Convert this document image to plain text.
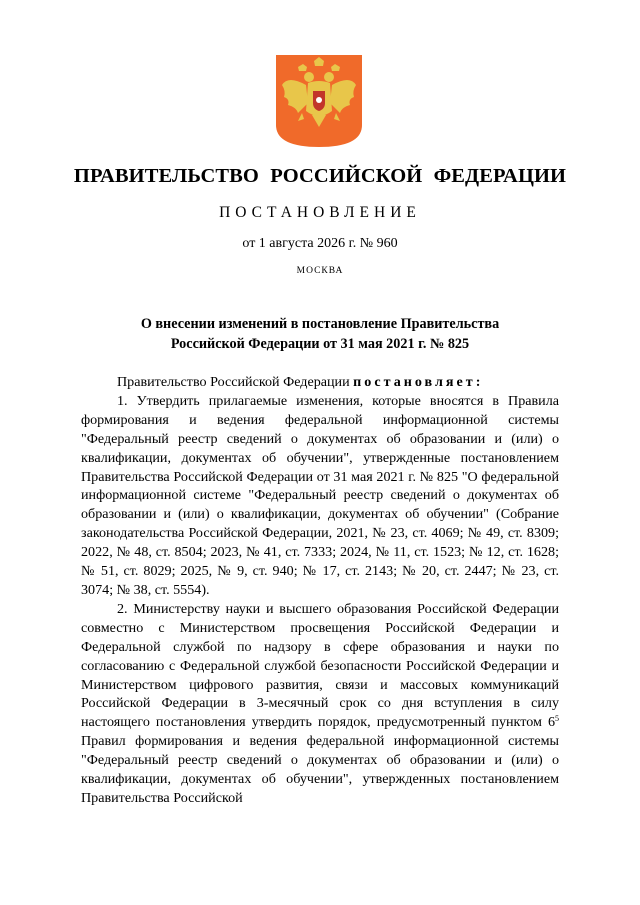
ПРАВИТЕЛЬСТВО РОССИЙСКОЙ ФЕДЕРАЦИИ
ПОСТАНОВЛЕНИЕ
от 1 августа 2026 г. № 960
МОСКВА
О внесении изменений в постановление Правительства
Российской Федерации от 31 мая 2021 г. № 825

Правительство Российской Федерации постановляет:

1. Утвердить прилагаемые изменения, которые вносятся в Правила формирования и ведения федеральной информационной системы "Федеральный реестр сведений о документах об образовании и (или) о квалификации, документах об обучении", утвержденные постановлением Правительства Российской Федерации от 31 мая 2021 г. № 825 "О федеральной информационной системе "Федеральный реестр сведений о документах об образовании и (или) о квалификации, документах об обучении" (Собрание законодательства Российской Федерации, 2021, № 23, ст. 4069; № 49, ст. 8309; 2022, № 48, ст. 8504; 2023, № 41, ст. 7333; 2024, № 11, ст. 1523; № 12, ст. 1628; № 51, ст. 8029; 2025, № 9, ст. 940; № 17, ст. 2143; № 20, ст. 2447; № 23, ст. 3074; № 38, ст. 5554).

2. Министерству науки и высшего образования Российской Федерации совместно с Министерством просвещения Российской Федерации и Федеральной службой по надзору в сфере образования и науки по согласованию с Федеральной службой безопасности Российской Федерации и Министерством цифрового развития, связи и массовых коммуникаций Российской Федерации в 3-месячный срок со дня вступления в силу настоящего постановления утвердить порядок, предусмотренный пунктом $6^5$ Правил формирования и ведения федеральной информационной системы "Федеральный реестр сведений о документах об образовании и (или) о квалификации, документах об обучении", утвержденных постановлением Правительства Российской
